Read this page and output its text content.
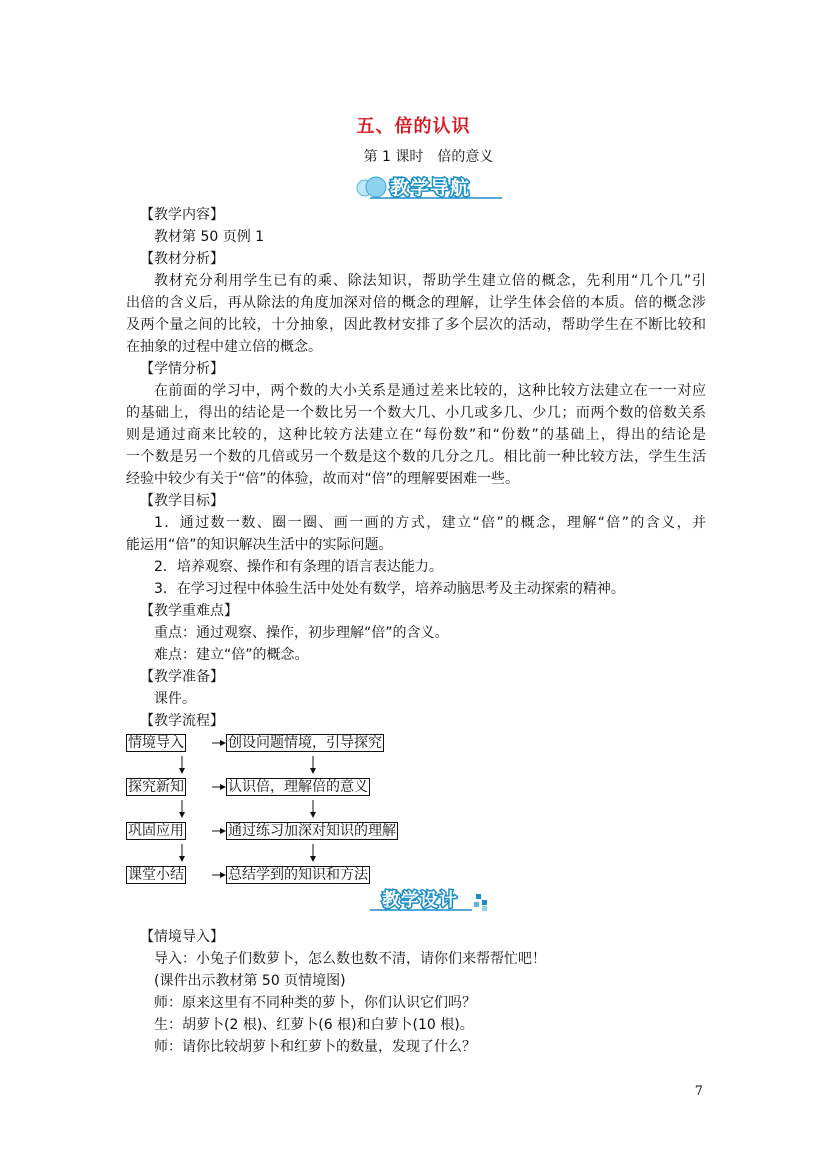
五、倍的认识
第 1 课时　倍的意义
教学导航
【教学内容】
教材第 50 页例 1
【教材分析】
教材充分利用学生已有的乘、除法知识，帮助学生建立倍的概念，先利用“几个几”引
出倍的含义后，再从除法的角度加深对倍的概念的理解，让学生体会倍的本质。倍的概念涉
及两个量之间的比较，十分抽象，因此教材安排了多个层次的活动，帮助学生在不断比较和
在抽象的过程中建立倍的概念。
【学情分析】
在前面的学习中，两个数的大小关系是通过差来比较的，这种比较方法建立在一一对应
的基础上，得出的结论是一个数比另一个数大几、小几或多几、少几；而两个数的倍数关系
则是通过商来比较的，这种比较方法建立在“每份数”和“份数”的基础上，得出的结论是
一个数是另一个数的几倍或另一个数是这个数的几分之几。相比前一种比较方法，学生生活
经验中较少有关于“倍”的体验，故而对“倍”的理解要困难一些。
【教学目标】
1．通过数一数、圈一圈、画一画的方式，建立“倍”的概念，理解“倍”的含义，并
能运用“倍”的知识解决生活中的实际问题。
2．培养观察、操作和有条理的语言表达能力。
3．在学习过程中体验生活中处处有数学，培养动脑思考及主动探索的精神。
【教学重难点】
重点：通过观察、操作，初步理解“倍”的含义。
难点：建立“倍”的概念。
【教学准备】
课件。
【教学流程】
情境导入	创设问题情境，引导探究
探究新知	认识倍，理解倍的意义
巩固应用	通过练习加深对知识的理解
课堂小结	总结学到的知识和方法
【情境导入】
导入：小兔子们数萝卜，怎么数也数不清，请你们来帮帮忙吧！
(课件出示教材第 50 页情境图)
师：原来这里有不同种类的萝卜，你们认识它们吗？
生：胡萝卜(2 根)、红萝卜(6 根)和白萝卜(10 根)。
师：请你比较胡萝卜和红萝卜的数量，发现了什么？
教学设计
7
